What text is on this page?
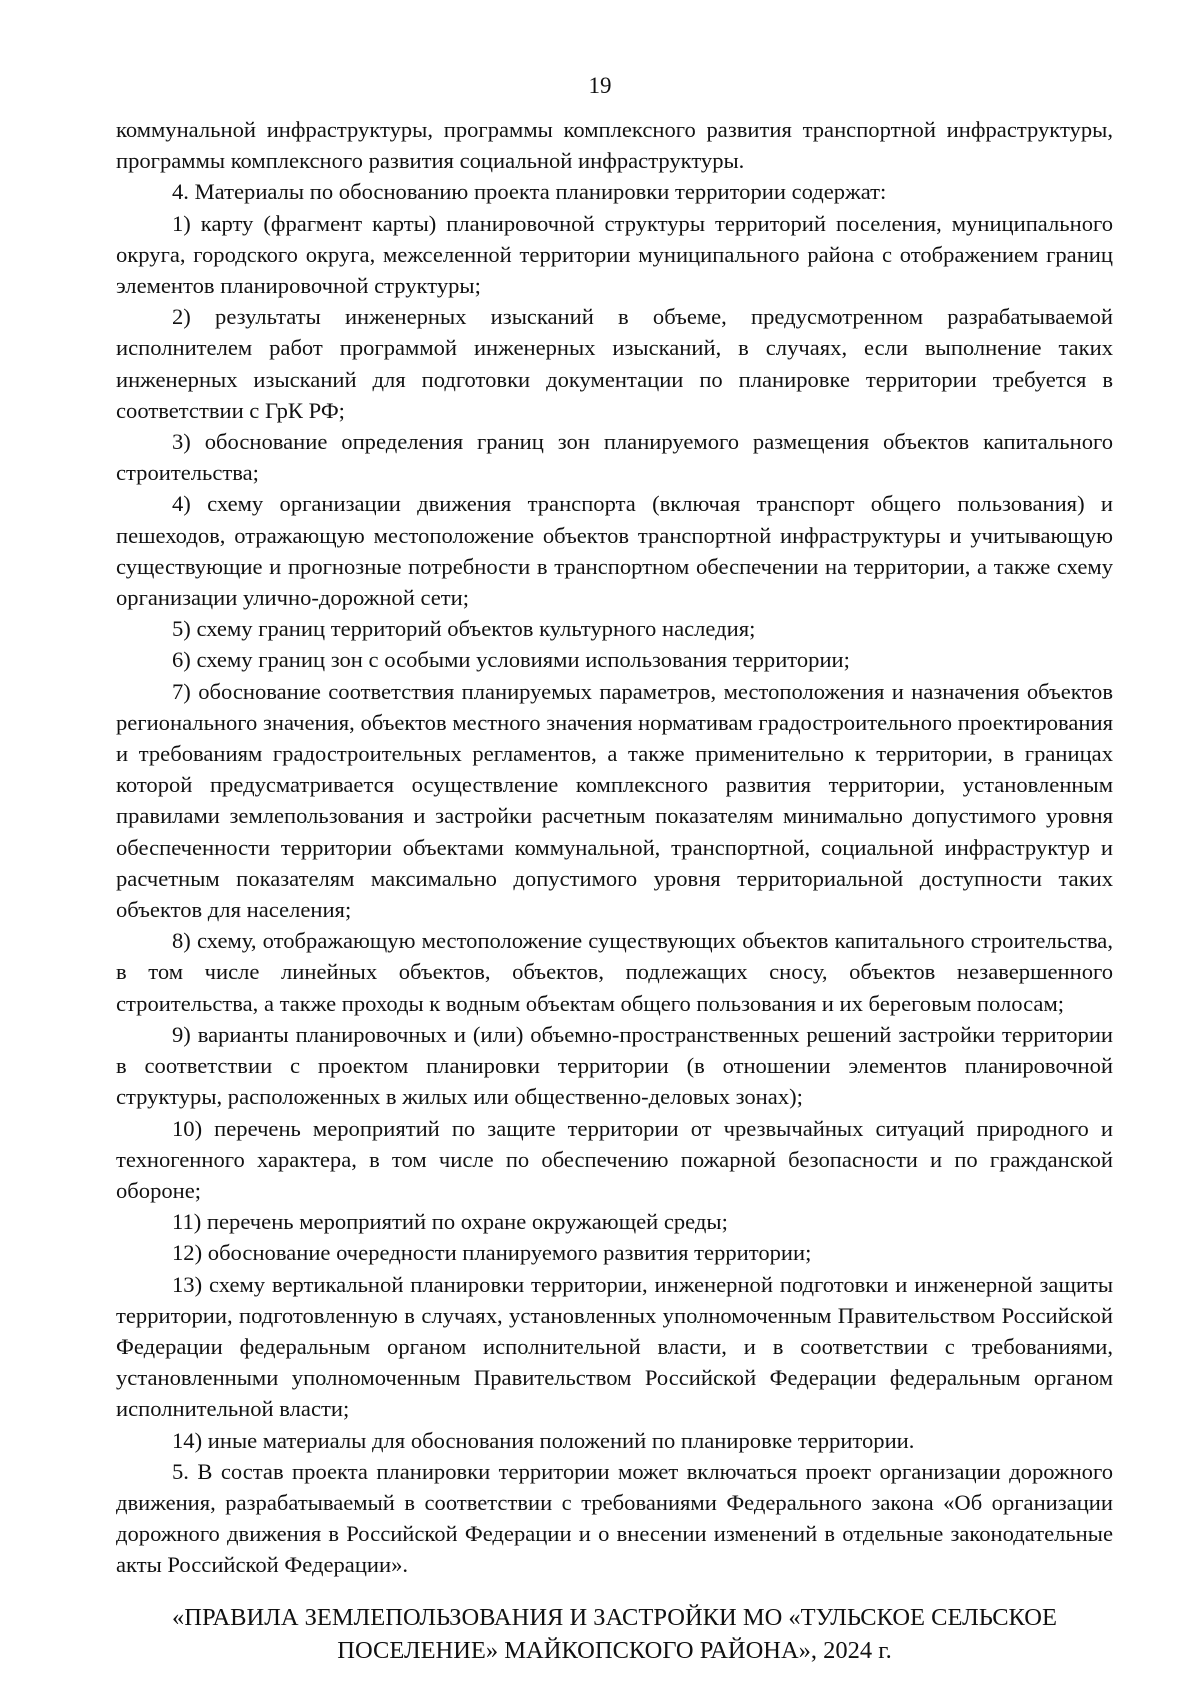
19

коммунальной инфраструктуры, программы комплексного развития транспортной инфраструктуры, программы комплексного развития социальной инфраструктуры.

4. Материалы по обоснованию проекта планировки территории содержат:

1) карту (фрагмент карты) планировочной структуры территорий поселения, муниципального округа, городского округа, межселенной территории муниципального района с отображением границ элементов планировочной структуры;

2) результаты инженерных изысканий в объеме, предусмотренном разрабатываемой исполнителем работ программой инженерных изысканий, в случаях, если выполнение таких инженерных изысканий для подготовки документации по планировке территории требуется в соответствии с ГрК РФ;

3) обоснование определения границ зон планируемого размещения объектов капитального строительства;

4) схему организации движения транспорта (включая транспорт общего пользования) и пешеходов, отражающую местоположение объектов транспортной инфраструктуры и учитывающую существующие и прогнозные потребности в транспортном обеспечении на территории, а также схему организации улично-дорожной сети;

5) схему границ территорий объектов культурного наследия;

6) схему границ зон с особыми условиями использования территории;

7) обоснование соответствия планируемых параметров, местоположения и назначения объектов регионального значения, объектов местного значения нормативам градостроительного проектирования и требованиям градостроительных регламентов, а также применительно к территории, в границах которой предусматривается осуществление комплексного развития территории, установленным правилами землепользования и застройки расчетным показателям минимально допустимого уровня обеспеченности территории объектами коммунальной, транспортной, социальной инфраструктур и расчетным показателям максимально допустимого уровня территориальной доступности таких объектов для населения;

8) схему, отображающую местоположение существующих объектов капитального строительства, в том числе линейных объектов, объектов, подлежащих сносу, объектов незавершенного строительства, а также проходы к водным объектам общего пользования и их береговым полосам;

9) варианты планировочных и (или) объемно-пространственных решений застройки территории в соответствии с проектом планировки территории (в отношении элементов планировочной структуры, расположенных в жилых или общественно-деловых зонах);

10) перечень мероприятий по защите территории от чрезвычайных ситуаций природного и техногенного характера, в том числе по обеспечению пожарной безопасности и по гражданской обороне;

11) перечень мероприятий по охране окружающей среды;

12) обоснование очередности планируемого развития территории;

13) схему вертикальной планировки территории, инженерной подготовки и инженерной защиты территории, подготовленную в случаях, установленных уполномоченным Правительством Российской Федерации федеральным органом исполнительной власти, и в соответствии с требованиями, установленными уполномоченным Правительством Российской Федерации федеральным органом исполнительной власти;

14) иные материалы для обоснования положений по планировке территории.

5. В состав проекта планировки территории может включаться проект организации дорожного движения, разрабатываемый в соответствии с требованиями Федерального закона «Об организации дорожного движения в Российской Федерации и о внесении изменений в отдельные законодательные акты Российской Федерации».

«ПРАВИЛА ЗЕМЛЕПОЛЬЗОВАНИЯ И ЗАСТРОЙКИ МО «ТУЛЬСКОЕ СЕЛЬСКОЕ
ПОСЕЛЕНИЕ» МАЙКОПСКОГО РАЙОНА», 2024 г.
